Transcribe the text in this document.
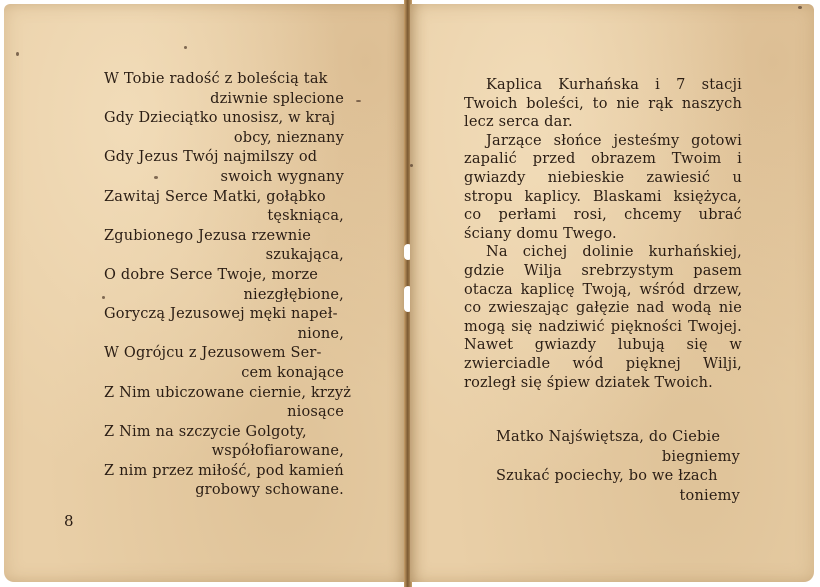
W Tobie radość z boleścią tak
dziwnie splecione
Gdy Dzieciątko unosisz, w kraj
obcy, nieznany
Gdy Jezus Twój najmilszy od
swoich wygnany
Zawitaj Serce Matki, gołąbko
tęskniąca,
Zgubionego Jezusa rzewnie
szukająca,
O dobre Serce Twoje, morze
niezgłębione,
Goryczą Jezusowej męki napeł-
nione,
W Ogrójcu z Jezusowem Ser-
cem konające
Z Nim ubiczowane ciernie, krzyż
niosące
Z Nim na szczycie Golgoty,
współofiarowane,
Z nim przez miłość, pod kamień
grobowy schowane.
8

Kaplica Kurhańska i 7 stacji Twoich boleści, to nie rąk naszych lecz serca dar.

Jarzące słońce jesteśmy gotowi zapalić przed obrazem Twoim i gwiazdy niebieskie zawiesić u stropu kaplicy. Blaskami księżyca, co perłami rosi, chcemy ubrać ściany domu Twego.

Na cichej dolinie kurhańskiej, gdzie Wilja srebrzystym pasem otacza kaplicę Twoją, wśród drzew, co zwieszając gałęzie nad wodą nie mogą się nadziwić piękności Twojej. Nawet gwiazdy lubują się w zwierciadle wód pięknej Wilji, rozległ się śpiew dziatek Twoich.

Matko Najświętsza, do Ciebie
biegniemy
Szukać pociechy, bo we łzach
toniemy
